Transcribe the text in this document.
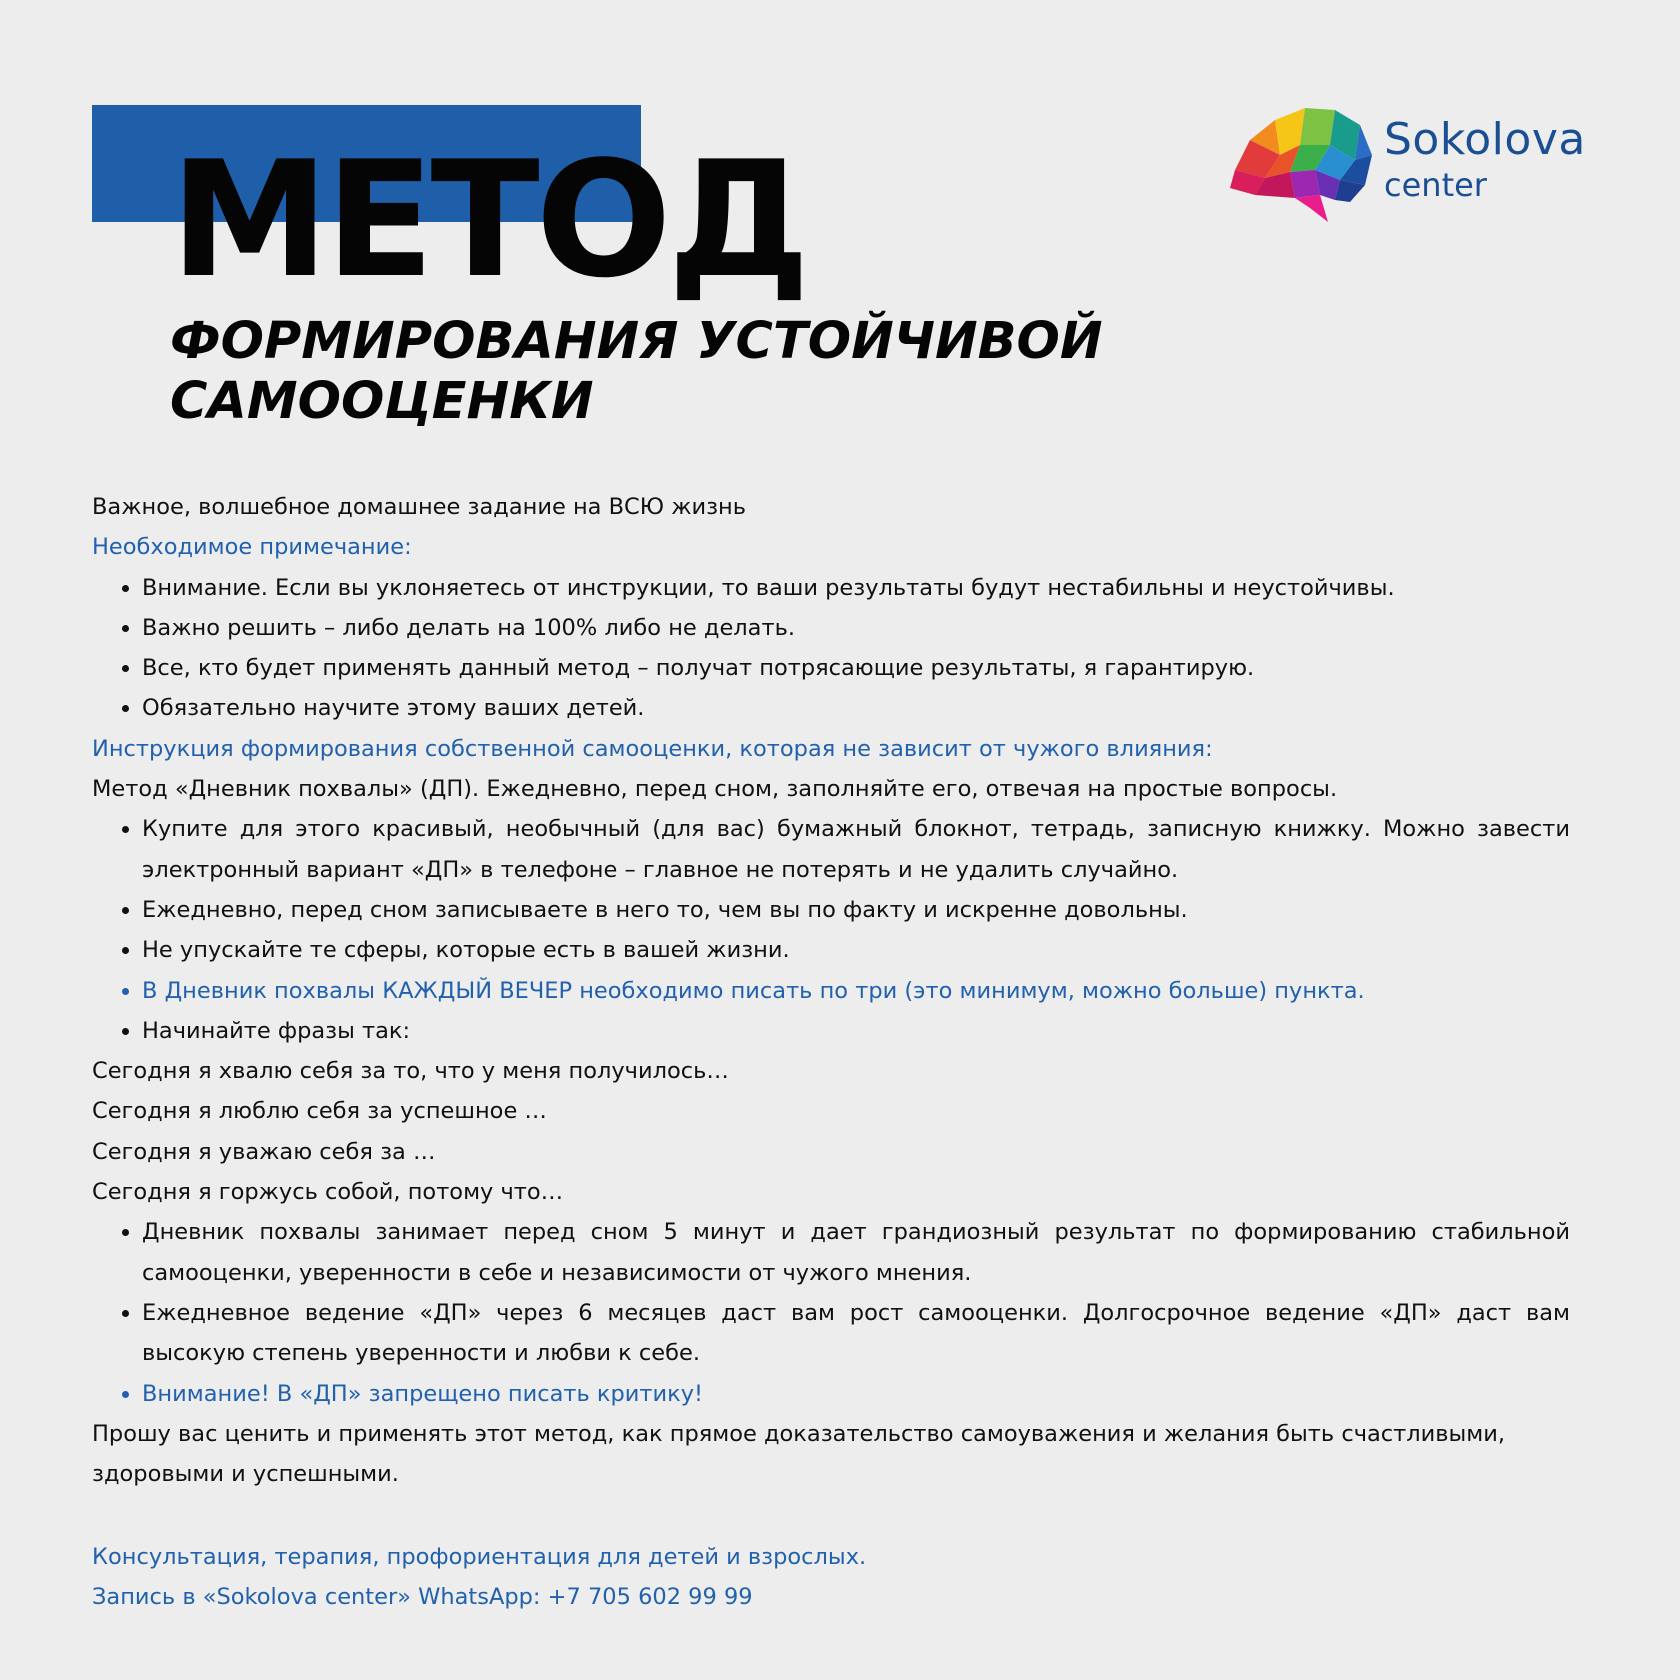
МЕТОД
ФОРМИРОВАНИЯ УСТОЙЧИВОЙ
САМООЦЕНКИ
Sokolova
center

Важное, волшебное домашнее задание на ВСЮ жизнь

Необходимое примечание:

• Внимание. Если вы уклоняетесь от инструкции, то ваши результаты будут нестабильны и неустойчивы.
• Важно решить – либо делать на 100% либо не делать.
• Все, кто будет применять данный метод – получат потрясающие результаты, я гарантирую.
• Обязательно научите этому ваших детей.

Инструкция формирования собственной самооценки, которая не зависит от чужого влияния:

Метод «Дневник похвалы» (ДП). Ежедневно, перед сном, заполняйте его, отвечая на простые вопросы.

• Купите для этого красивый, необычный (для вас) бумажный блокнот, тетрадь, записную книжку. Можно завести электронный вариант «ДП» в телефоне – главное не потерять и не удалить случайно.
• Ежедневно, перед сном записываете в него то, чем вы по факту и искренне довольны.
• Не упускайте те сферы, которые есть в вашей жизни.
• В Дневник похвалы КАЖДЫЙ ВЕЧЕР необходимо писать по три (это минимум, можно больше) пункта.
• Начинайте фразы так:

Сегодня я хвалю себя за то, что у меня получилось…

Сегодня я люблю себя за успешное …

Сегодня я уважаю себя за …

Сегодня я горжусь собой, потому что…

• Дневник похвалы занимает перед сном 5 минут и дает грандиозный результат по формированию стабильной самооценки, уверенности в себе и независимости от чужого мнения.
• Ежедневное ведение «ДП» через 6 месяцев даст вам рост самооценки. Долгосрочное ведение «ДП» даст вам высокую степень уверенности и любви к себе.
• Внимание! В «ДП» запрещено писать критику!

Прошу вас ценить и применять этот метод, как прямое доказательство самоуважения и желания быть счастливыми, здоровыми и успешными.

Консультация, терапия, профориентация для детей и взрослых.

Запись в «Sokolova center» WhatsApp: +7 705 602 99 99
